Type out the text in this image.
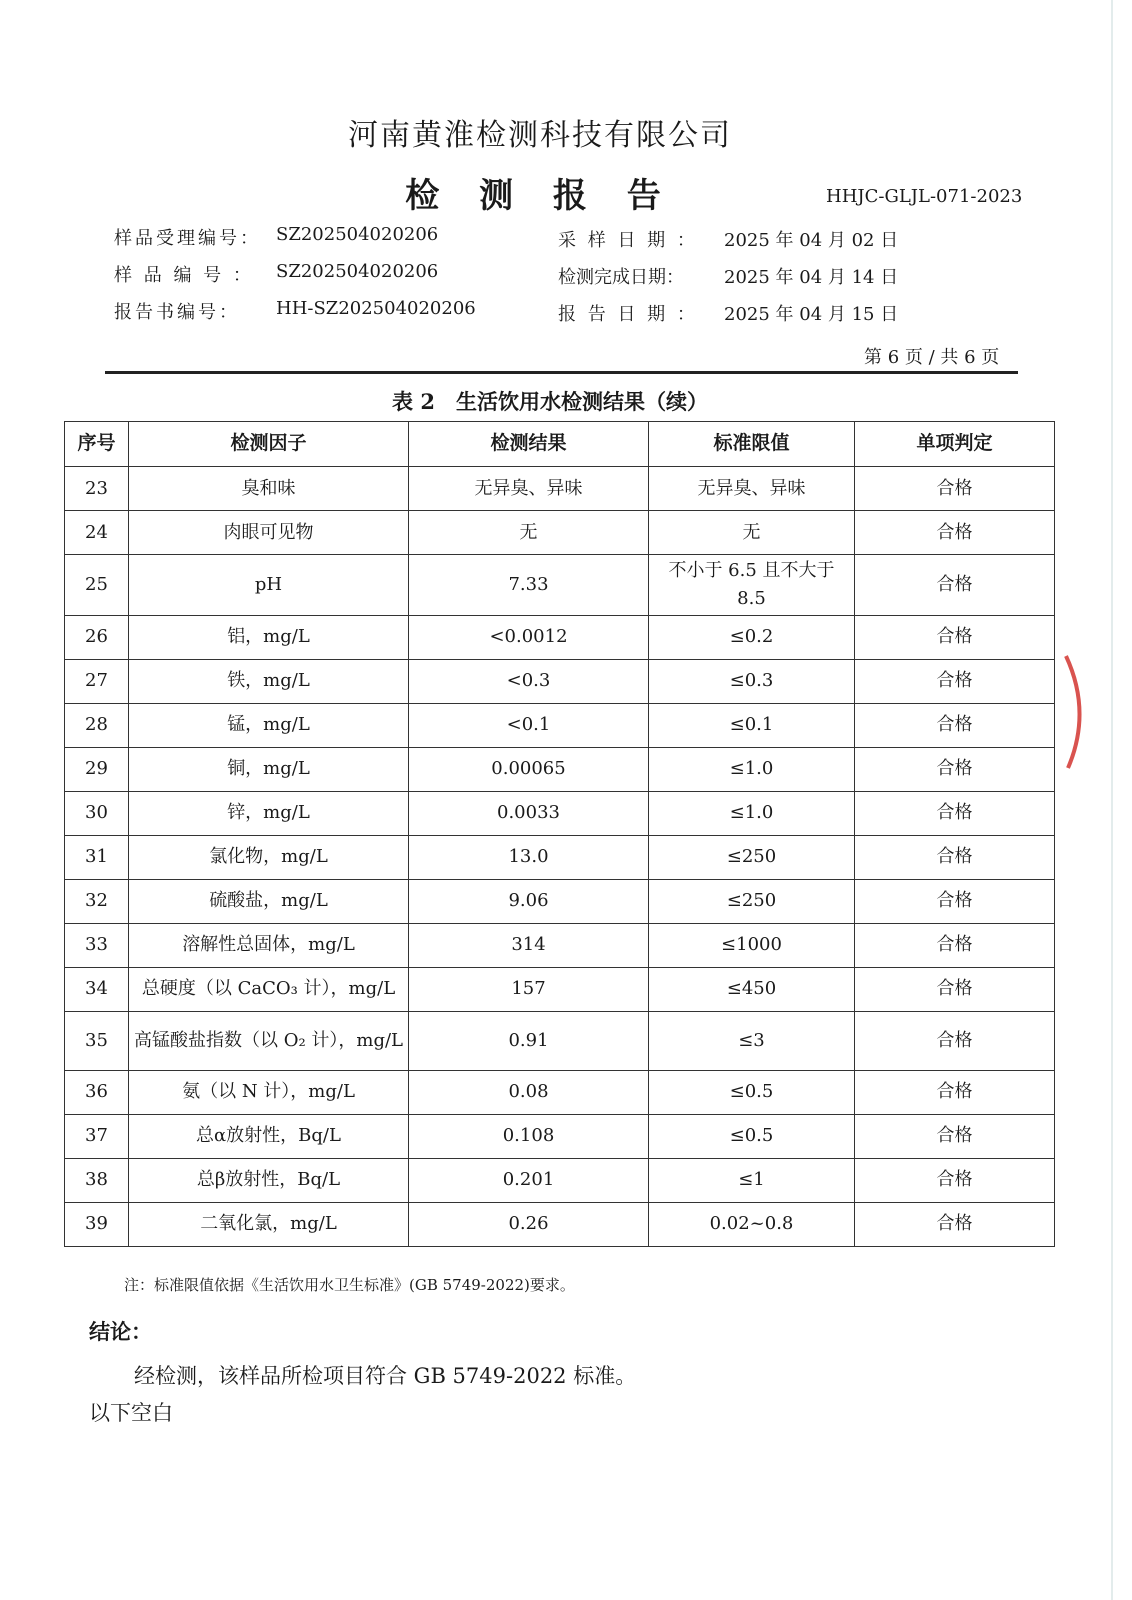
河南黄淮检测科技有限公司
检 测 报 告	HHJC-GLJL-071-2023
样品受理编号： SZ202504020206
样 品 编 号 ： SZ202504020206
报告书编号： HH-SZ202504020206
采 样 日 期 ： 2025 年 04 月 02 日
检测完成日期： 2025 年 04 月 14 日
报 告 日 期 ： 2025 年 04 月 15 日
第 6 页 / 共 6 页
表 2　生活饮用水检测结果（续）
序号	检测因子	检测结果	标准限值	单项判定
23	臭和味	无异臭、异味	无异臭、异味	合格
24	肉眼可见物	无	无	合格
25	pH	7.33	不小于 6.5 且不大于 8.5	合格
26	铝，mg/L	<0.0012	≤0.2	合格
27	铁，mg/L	<0.3	≤0.3	合格
28	锰，mg/L	<0.1	≤0.1	合格
29	铜，mg/L	0.00065	≤1.0	合格
30	锌，mg/L	0.0033	≤1.0	合格
31	氯化物，mg/L	13.0	≤250	合格
32	硫酸盐，mg/L	9.06	≤250	合格
33	溶解性总固体，mg/L	314	≤1000	合格
34	总硬度（以 CaCO₃ 计），mg/L	157	≤450	合格
35	高锰酸盐指数（以 O₂ 计），mg/L	0.91	≤3	合格
36	氨（以 N 计），mg/L	0.08	≤0.5	合格
37	总α放射性，Bq/L	0.108	≤0.5	合格
38	总β放射性，Bq/L	0.201	≤1	合格
39	二氧化氯，mg/L	0.26	0.02~0.8	合格
注：标准限值依据《生活饮用水卫生标准》(GB 5749-2022)要求。
结论：
经检测，该样品所检项目符合 GB 5749-2022 标准。
以下空白
